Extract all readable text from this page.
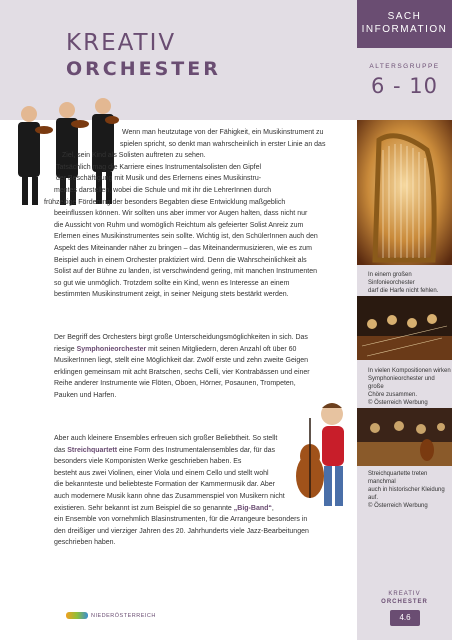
KREATIV
ORCHESTER
SACH
INFORMATION
ALTERSGRUPPE
6 - 10
In einem großen Sinfonieorchester
darf die Harfe nicht fehlen.
In vielen Kompositionen wirken
Symphonieorchester und große
Chöre zusammen.
© Österreich Werbung
Streichquartette treten manchmal
auch in historischer Kleidung auf.
© Österreich Werbung
Wenn man heutzutage von der Fähigkeit, ein Musikinstrument zu
spielen spricht, so denkt man wahrscheinlich in erster Linie an das
Ziel, sein Kind als Solisten auftreten zu sehen.
Tatsächlich mag die Karriere eines Instrumentalsolisten den Gipfel
der Beschäftigung mit Musik und des Erlernens eines Musikinstru-
mentes darstellen, wobei die Schule und mit ihr die LehrerInnen durch
frühzeitige Förderung der besonders Begabten diese Entwicklung maßgeblich
beeinflussen können. Wir sollten uns aber immer vor Augen halten, dass nicht nur
die Aussicht von Ruhm und womöglich Reichtum als gefeierter Solist Anreiz zum
Erlernen eines Musikinstrumentes sein sollte. Wichtig ist, den SchülerInnen auch den
Aspekt des Miteinander näher zu bringen – das Miteinandermusizieren, wie es zum
Beispiel auch in einem Orchester praktiziert wird. Denn die Wahrscheinlichkeit als
Solist auf der Bühne zu landen, ist verschwindend gering, mit manchen Instrumenten
so gut wie unmöglich. Trotzdem sollte ein Kind, wenn es Interesse an einem
bestimmten Musikinstrument zeigt, in seiner Neigung stets bestärkt werden.
Der Begriff des Orchesters birgt große Unterscheidungsmöglichkeiten in sich. Das
riesige Symphonieorchester mit seinen Mitgliedern, deren Anzahl oft über 60
MusikerInnen liegt, stellt eine Möglichkeit dar. Zwölf erste und zehn zweite Geigen
erklingen gemeinsam mit acht Bratschen, sechs Celli, vier Kontrabässen und einer
Reihe anderer Instrumente wie Flöten, Oboen, Hörner, Posaunen, Trompeten,
Pauken und Harfen.
Aber auch kleinere Ensembles erfreuen sich großer Beliebtheit. So stellt
das Streichquartett eine Form des Instrumentalensembles dar, für das
besonders viele Komponisten Werke geschrieben haben. Es
besteht aus zwei Violinen, einer Viola und einem Cello und stellt wohl
die bekannteste und beliebteste Formation der Kammermusik dar. Aber
auch modernere Musik kann ohne das Zusammenspiel von Musikern nicht
existieren. Sehr bekannt ist zum Beispiel die so genannte „Big-Band“,
ein Ensemble von vornehmlich Blasinstrumenten, für die Arrangeure besonders in
den dreißiger und vierziger Jahren des 20. Jahrhunderts viele Jazz-Bearbeitungen
geschrieben haben.
NIEDERÖSTERREICH
KREATIV
ORCHESTER
4.6
